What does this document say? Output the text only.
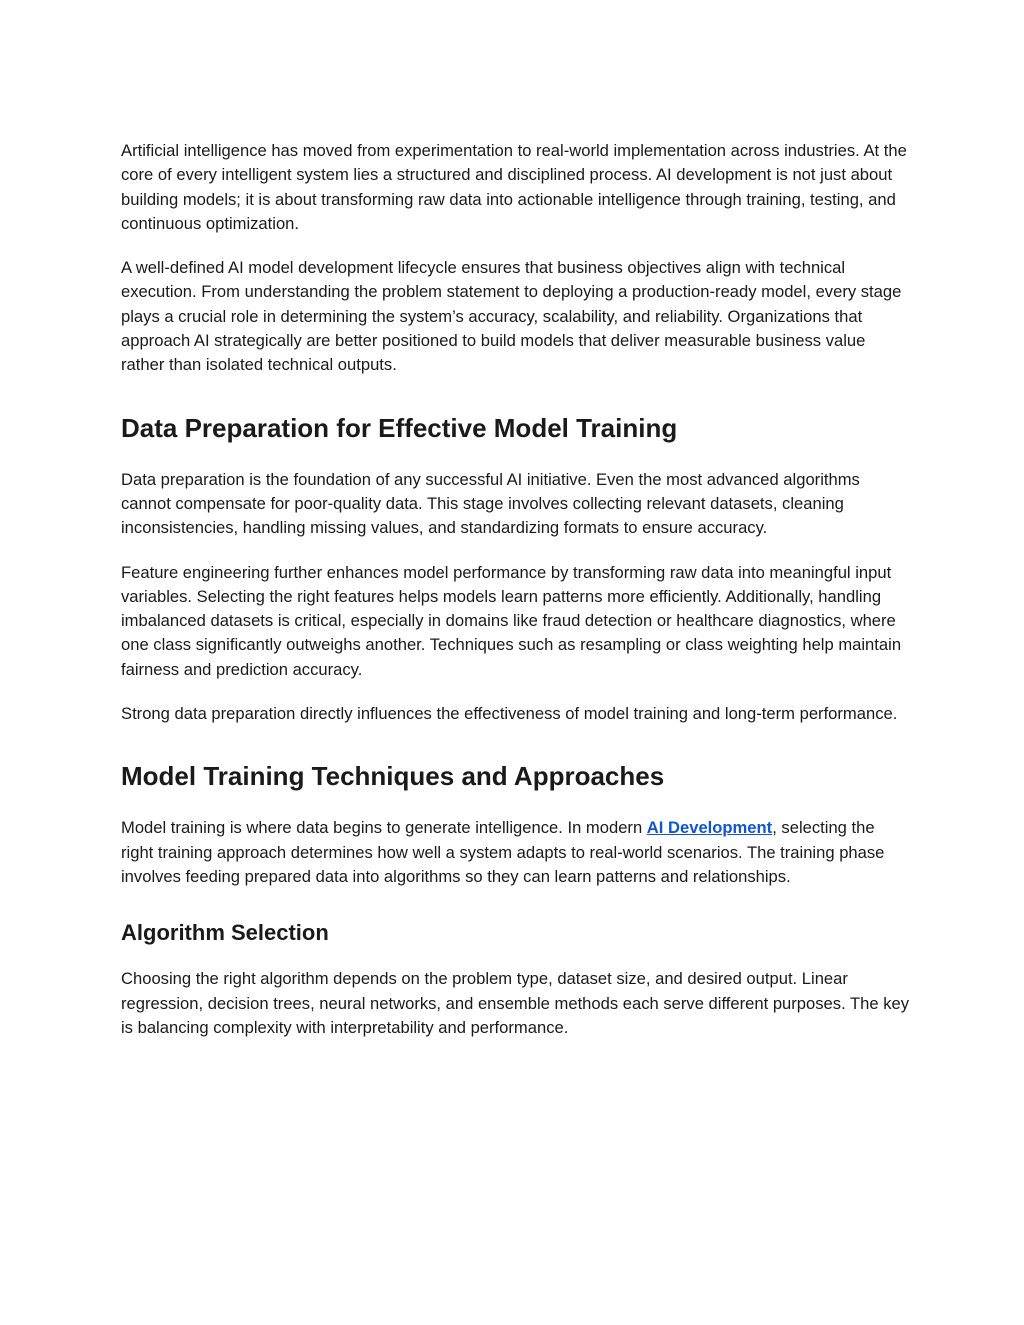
Artificial intelligence has moved from experimentation to real-world implementation across industries. At the core of every intelligent system lies a structured and disciplined process. AI development is not just about building models; it is about transforming raw data into actionable intelligence through training, testing, and continuous optimization.

A well-defined AI model development lifecycle ensures that business objectives align with technical execution. From understanding the problem statement to deploying a production-ready model, every stage plays a crucial role in determining the system’s accuracy, scalability, and reliability. Organizations that approach AI strategically are better positioned to build models that deliver measurable business value rather than isolated technical outputs.

Data Preparation for Effective Model Training

Data preparation is the foundation of any successful AI initiative. Even the most advanced algorithms cannot compensate for poor-quality data. This stage involves collecting relevant datasets, cleaning inconsistencies, handling missing values, and standardizing formats to ensure accuracy.

Feature engineering further enhances model performance by transforming raw data into meaningful input variables. Selecting the right features helps models learn patterns more efficiently. Additionally, handling imbalanced datasets is critical, especially in domains like fraud detection or healthcare diagnostics, where one class significantly outweighs another. Techniques such as resampling or class weighting help maintain fairness and prediction accuracy.

Strong data preparation directly influences the effectiveness of model training and long-term performance.

Model Training Techniques and Approaches

Model training is where data begins to generate intelligence. In modern AI Development, selecting the right training approach determines how well a system adapts to real-world scenarios. The training phase involves feeding prepared data into algorithms so they can learn patterns and relationships.

Algorithm Selection

Choosing the right algorithm depends on the problem type, dataset size, and desired output. Linear regression, decision trees, neural networks, and ensemble methods each serve different purposes. The key is balancing complexity with interpretability and performance.
